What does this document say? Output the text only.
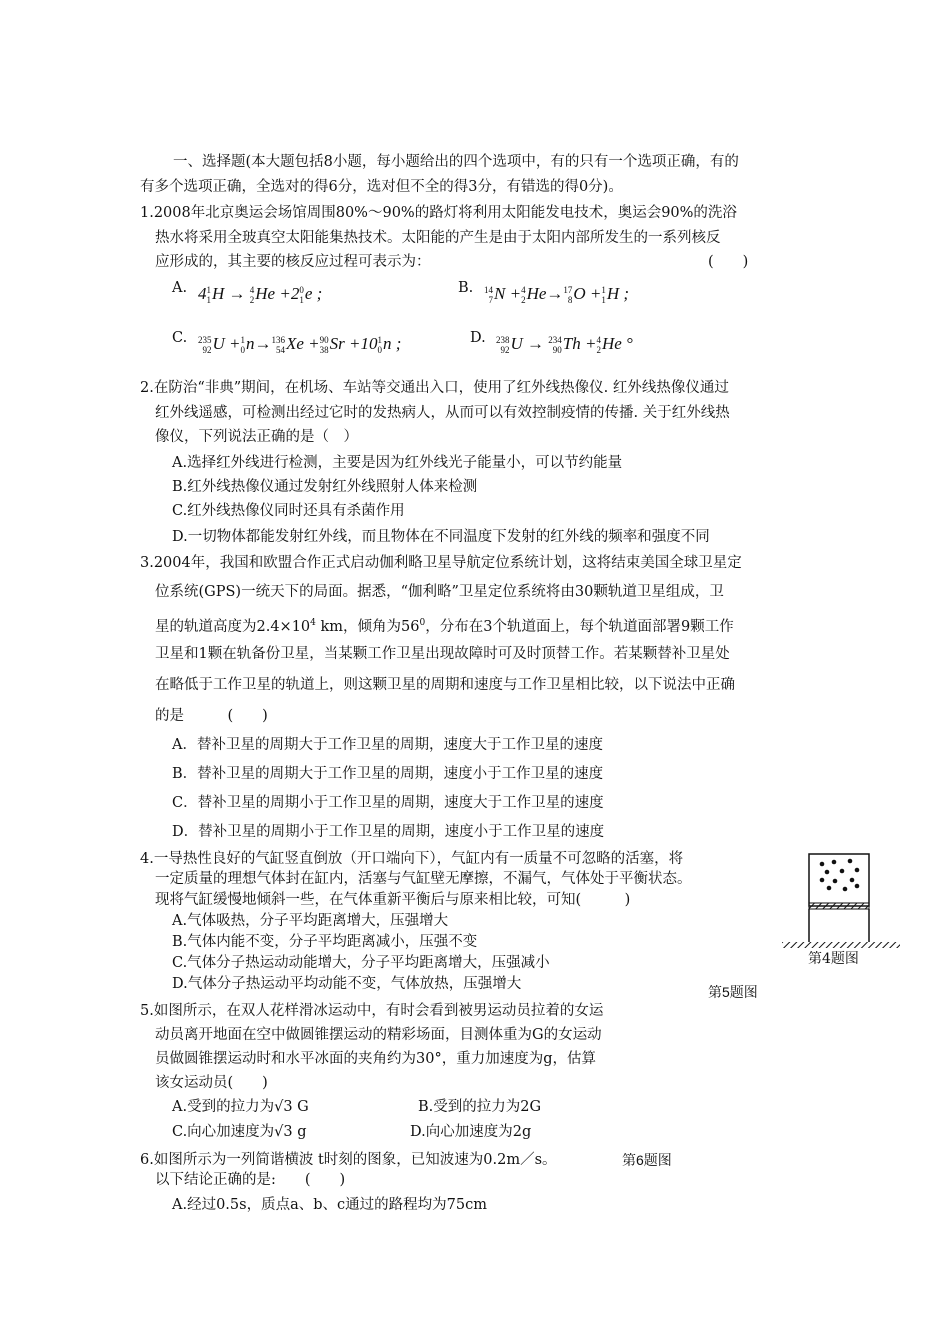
一、选择题(本大题包括8小题，每小题给出的四个选项中，有的只有一个选项正确，有的
有多个选项正确，全选对的得6分，选对但不全的得3分，有错选的得0分)。
1.2008年北京奥运会场馆周围80%～90%的路灯将利用太阳能发电技术，奥运会90%的洗浴
热水将采用全玻真空太阳能集热技术。太阳能的产生是由于太阳内部所发生的一系列核反
应形成的，其主要的核反应过程可表示为：	(　　)
A. 4 1
1 H → 4
2 He +2 0
1 e ;	B. 14
7 N + 4
2 He→ 17
8 O + 1
1 H ;
C. 235
92 U + 1
0 n→ 136
54 Xe + 90
38 Sr +10 1
0 n ;	D. 238
92 U → 234
90 Th + 4
2 He °
2.在防治“非典”期间，在机场、车站等交通出入口，使用了红外线热像仪. 红外线热像仪通过
红外线遥感，可检测出经过它时的发热病人，从而可以有效控制疫情的传播. 关于红外线热
像仪，下列说法正确的是（　）
A.选择红外线进行检测，主要是因为红外线光子能量小，可以节约能量
B.红外线热像仪通过发射红外线照射人体来检测
C.红外线热像仪同时还具有杀菌作用
D.一切物体都能发射红外线，而且物体在不同温度下发射的红外线的频率和强度不同
3.2004年，我国和欧盟合作正式启动伽利略卫星导航定位系统计划，这将结束美国全球卫星定
位系统(GPS)一统天下的局面。据悉，“伽利略”卫星定位系统将由30颗轨道卫星组成，卫
星的轨道高度为$2.4\times 10^4$ km，倾角为$56^0$，分布在3个轨道面上，每个轨道面部署9颗工作
卫星和1颗在轨备份卫星，当某颗工作卫星出现故障时可及时顶替工作。若某颗替补卫星处
在略低于工作卫星的轨道上，则这颗卫星的周期和速度与工作卫星相比较，以下说法中正确
的是　　　(　　)
A．替补卫星的周期大于工作卫星的周期，速度大于工作卫星的速度
B．替补卫星的周期大于工作卫星的周期，速度小于工作卫星的速度
C．替补卫星的周期小于工作卫星的周期，速度大于工作卫星的速度
D．替补卫星的周期小于工作卫星的周期，速度小于工作卫星的速度
4.一导热性良好的气缸竖直倒放（开口端向下），气缸内有一质量不可忽略的活塞，将
一定质量的理想气体封在缸内，活塞与气缸壁无摩擦，不漏气，气体处于平衡状态。
现将气缸缓慢地倾斜一些，在气体重新平衡后与原来相比较，可知(　　　)
A.气体吸热，分子平均距离增大，压强增大
B.气体内能不变，分子平均距离减小，压强不变
C.气体分子热运动动能增大，分子平均距离增大，压强减小
D.气体分子热运动平均动能不变，气体放热，压强增大
第4题图
第5题图
5.如图所示，在双人花样滑冰运动中，有时会看到被男运动员拉着的女运
动员离开地面在空中做圆锥摆运动的精彩场面，目测体重为G的女运动
员做圆锥摆运动时和水平冰面的夹角约为30°，重力加速度为g，估算
该女运动员(　　)
A.受到的拉力为√3 G	B.受到的拉力为2G
C.向心加速度为√3 g	D.向心加速度为2g
6.如图所示为一列简谐横波 t时刻的图象，已知波速为0.2m／s。	第6题图
以下结论正确的是:　　(　　)
A.经过0.5s，质点a、b、c通过的路程均为75cm
